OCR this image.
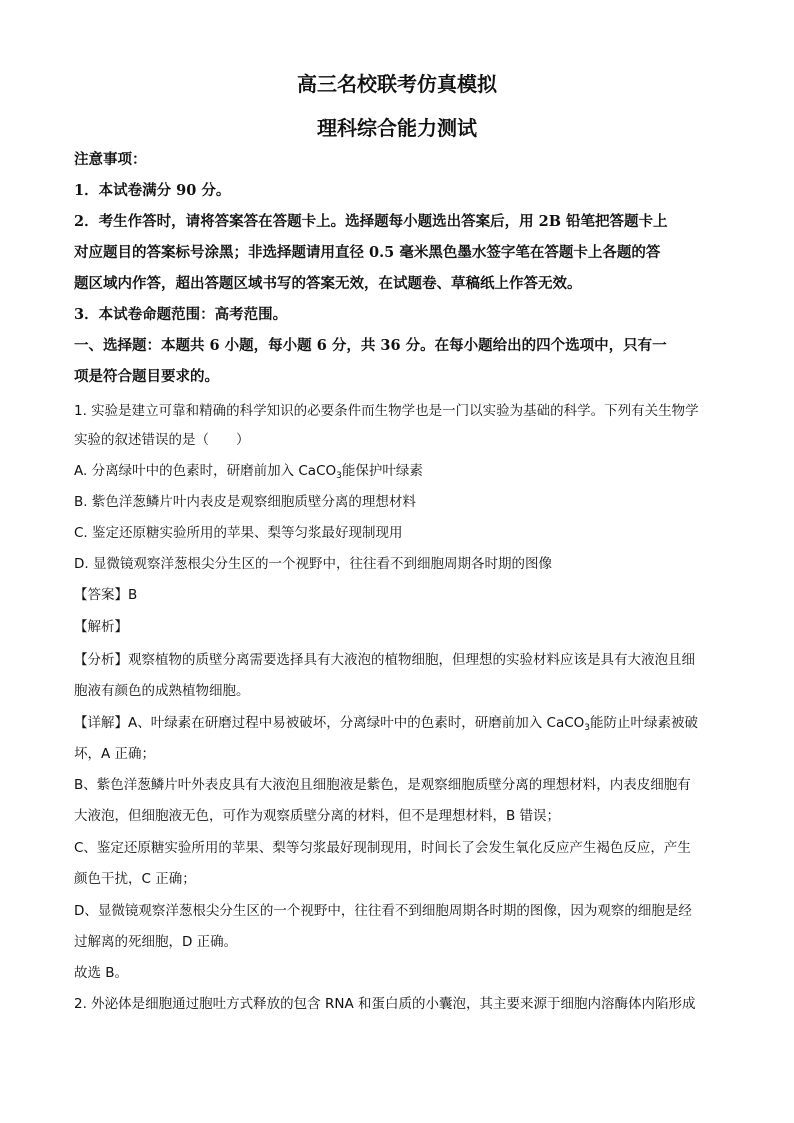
高三名校联考仿真模拟
理科综合能力测试

注意事项：

1．本试卷满分 90 分。

2．考生作答时，请将答案答在答题卡上。选择题每小题选出答案后，用 2B 铅笔把答题卡上

对应题目的答案标号涂黑；非选择题请用直径 0.5 毫米黑色墨水签字笔在答题卡上各题的答

题区域内作答，超出答题区域书写的答案无效，在试题卷、草稿纸上作答无效。

3．本试卷命题范围：高考范围。

一、选择题：本题共 6 小题，每小题 6 分，共 36 分。在每小题给出的四个选项中，只有一

项是符合题目要求的。

1. 实验是建立可靠和精确的科学知识的必要条件而生物学也是一门以实验为基础的科学。下列有关生物学

实验的叙述错误的是（　　）

A. 分离绿叶中的色素时，研磨前加入 CaCO$_3$能保护叶绿素

B. 紫色洋葱鳞片叶内表皮是观察细胞质壁分离的理想材料

C. 鉴定还原糖实验所用的苹果、梨等匀浆最好现制现用

D. 显微镜观察洋葱根尖分生区的一个视野中，往往看不到细胞周期各时期的图像

【答案】B

【解析】

【分析】观察植物的质壁分离需要选择具有大液泡的植物细胞，但理想的实验材料应该是具有大液泡且细

胞液有颜色的成熟植物细胞。

【详解】A、叶绿素在研磨过程中易被破坏，分离绿叶中的色素时，研磨前加入 CaCO$_3$能防止叶绿素被破

坏，A 正确；

B、紫色洋葱鳞片叶外表皮具有大液泡且细胞液是紫色，是观察细胞质壁分离的理想材料，内表皮细胞有

大液泡，但细胞液无色，可作为观察质壁分离的材料，但不是理想材料，B 错误；

C、鉴定还原糖实验所用的苹果、梨等匀浆最好现制现用，时间长了会发生氧化反应产生褐色反应，产生

颜色干扰，C 正确；

D、显微镜观察洋葱根尖分生区的一个视野中，往往看不到细胞周期各时期的图像，因为观察的细胞是经

过解离的死细胞，D 正确。

故选 B。

2. 外泌体是细胞通过胞吐方式释放的包含 RNA 和蛋白质的小囊泡，其主要来源于细胞内溶酶体内陷形成
